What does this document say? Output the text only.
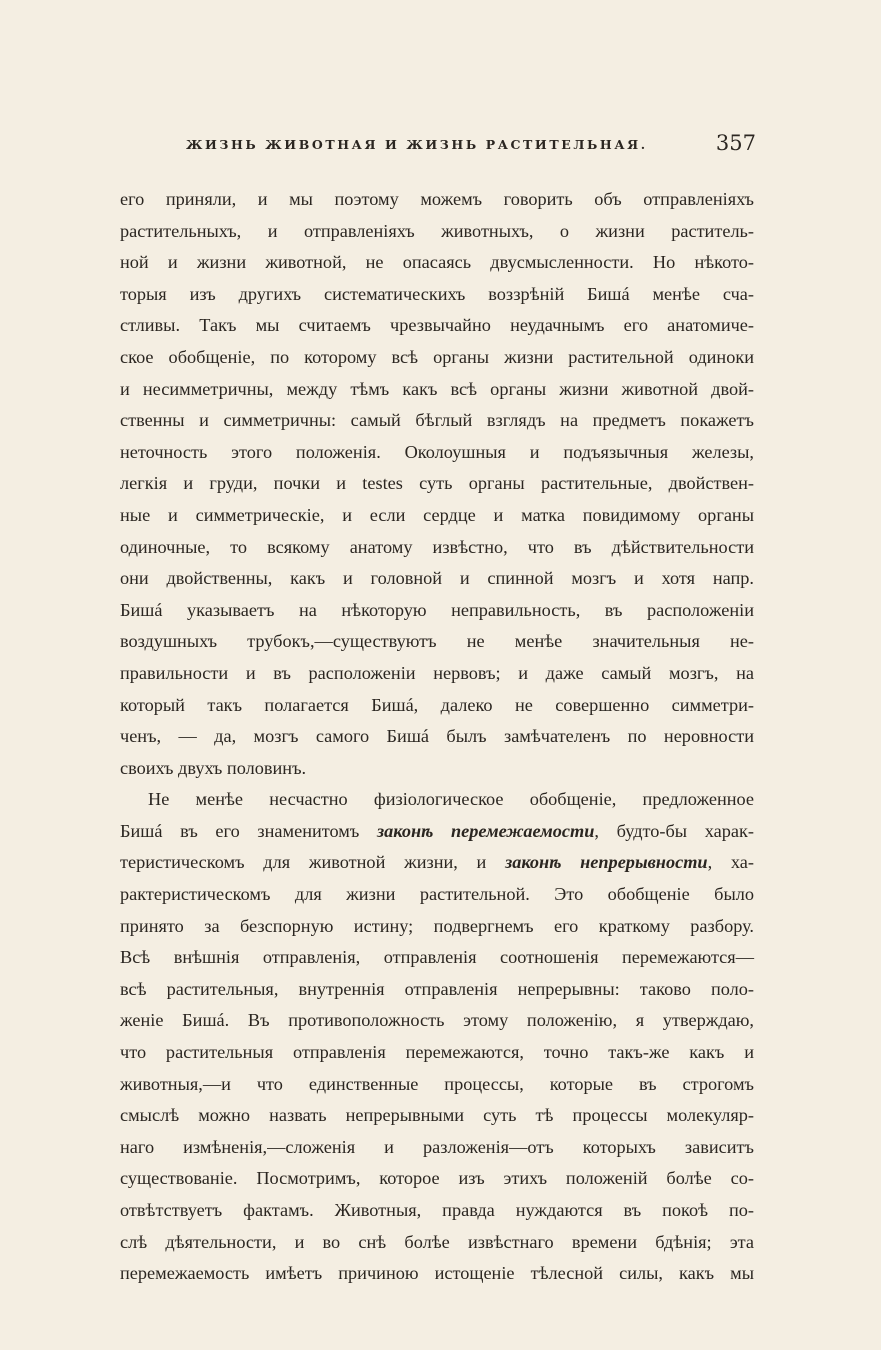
ЖИЗНЬ ЖИВОТНАЯ И ЖИЗНЬ РАСТИТЕЛЬНАЯ.	357
его приняли, и мы поэтому можемъ говорить объ отправленіяхъ
растительныхъ, и отправленіяхъ животныхъ, о жизни раститель-
ной и жизни животной, не опасаясь двусмысленности. Но нѣкото-
торыя изъ другихъ систематическихъ воззрѣній Бишá менѣе сча-
стливы. Такъ мы считаемъ чрезвычайно неудачнымъ его анатомиче-
ское обобщеніе, по которому всѣ органы жизни растительной одиноки
и несимметричны, между тѣмъ какъ всѣ органы жизни животной двой-
ственны и симметричны: самый бѣглый взглядъ на предметъ покажетъ
неточность этого положенія. Околоушныя и подъязычныя железы,
легкія и груди, почки и testes суть органы растительные, двойствен-
ные и симметрическіе, и если сердце и матка повидимому органы
одиночные, то всякому анатому извѣстно, что въ дѣйствительности
они двойственны, какъ и головной и спинной мозгъ и хотя напр.
Бишá указываетъ на нѣкоторую неправильность, въ расположеніи
воздушныхъ трубокъ,—существуютъ не менѣе значительныя не-
правильности и въ расположеніи нервовъ; и даже самый мозгъ, на
который такъ полагается Бишá, далеко не совершенно симметри-
ченъ, — да, мозгъ самого Бишá былъ замѣчателенъ по неровности
своихъ двухъ половинъ.
Не менѣе несчастно физіологическое обобщеніе, предложенное
Бишá въ его знаменитомъ законѣ перемежаемости, будто-бы харак-
теристическомъ для животной жизни, и законѣ непрерывности, ха-
рактеристическомъ для жизни растительной. Это обобщеніе было
принято за безспорную истину; подвергнемъ его краткому разбору.
Всѣ внѣшнія отправленія, отправленія соотношенія перемежаются—
всѣ растительныя, внутреннія отправленія непрерывны: таково поло-
женіе Бишá. Въ противоположность этому положенію, я утверждаю,
что растительныя отправленія перемежаются, точно такъ-же какъ и
животныя,—и что единственные процессы, которые въ строгомъ
смыслѣ можно назвать непрерывными суть тѣ процессы молекуляр-
наго измѣненія,—сложенія и разложенія—отъ которыхъ зависитъ
существованіе. Посмотримъ, которое изъ этихъ положеній болѣе со-
отвѣтствуетъ фактамъ. Животныя, правда нуждаются въ покоѣ по-
слѣ дѣятельности, и во снѣ болѣе извѣстнаго времени бдѣнія; эта
перемежаемость имѣетъ причиною истощеніе тѣлесной силы, какъ мы
